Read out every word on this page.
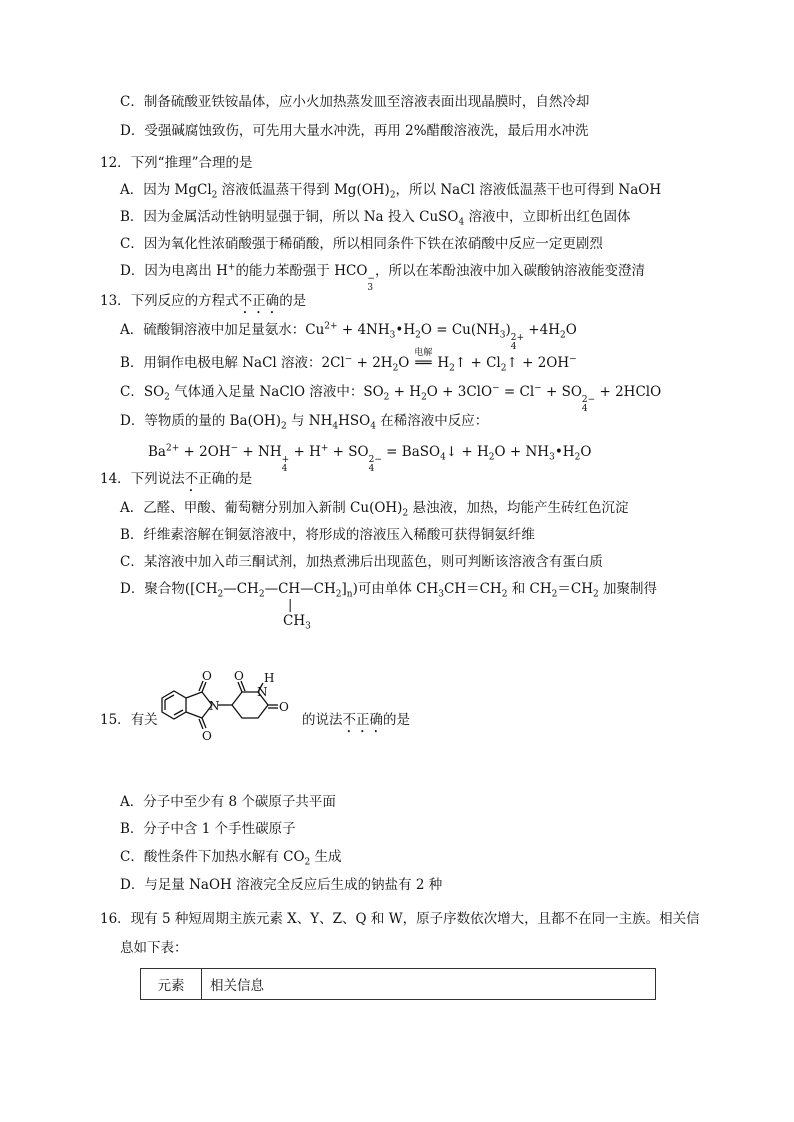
C．制备硫酸亚铁铵晶体，应小火加热蒸发皿至溶液表面出现晶膜时，自然冷却
D．受强碱腐蚀致伤，可先用大量水冲洗，再用 2%醋酸溶液洗，最后用水冲洗
12．下列“推理”合理的是
A．因为 MgCl$_2$ 溶液低温蒸干得到 $Mg(OH)_2$，所以 NaCl 溶液低温蒸干也可得到 NaOH
B．因为金属活动性钠明显强于铜，所以 Na 投入 CuSO$_4$ 溶液中，立即析出红色固体
C．因为氧化性浓硝酸强于稀硝酸，所以相同条件下铁在浓硝酸中反应一定更剧烈
D．因为电离出 H+的能力苯酚强于 HCO −
3
，所以在苯酚浊液中加入碳酸钠溶液能变澄清
13．下列反应的方程式不正确的是
A．硫酸铜溶液中加足量氨水：$Cu^{2+}$ + $4NH_3•H_2O = Cu(NH_3)$ 2+
4
$+4H_2O$
B．用铜作电极电解 NaCl 溶液：$2Cl^- + 2H_2O$
电解
══ $H_2↑$ + $Cl_2↑ + 2OH^-$
C．$SO_2$ 气体通入足量 NaClO 溶液中：$SO_2 + H_2O + 3ClO^- = Cl^-$ + SO 2−
4
+ 2HClO
D．等物质的量的 $Ba(OH)_2$ 与 $NH_4HSO_4$ 在稀溶液中反应：
$Ba^{2+} + 2OH^-$ + NH +
4
+ H+ + SO 2−
4
= BaSO$_4$↓ + $H_2O$ + $NH_3•H_2O$
14．下列说法不正确的是
A．乙醛、甲酸、葡萄糖分别加入新制 $Cu(OH)_2$ 悬浊液，加热，均能产生砖红色沉淀
B．纤维素溶解在铜氨溶液中，将形成的溶液压入稀酸可获得铜氨纤维
C．某溶液中加入茚三酮试剂，加热煮沸后出现蓝色，则可判断该溶液含有蛋白质
D．聚合物$([CH_2—CH_2—CH—CH_2]_n)$可由单体 $CH_3CH=CH_2$ 和 $CH_2=CH_2$ 加聚制得
|
$CH_3$
15．有关
O
O
N
O
N
H
O
的说法不正确的是
A．分子中至少有 8 个碳原子共平面
B．分子中含 1 个手性碳原子
C．酸性条件下加热水解有 $CO_2$ 生成
D．与足量 NaOH 溶液完全反应后生成的钠盐有 2 种
16．现有 5 种短周期主族元素 X、Y、Z、Q 和 W，原子序数依次增大，且都不在同一主族。相关信
息如下表：
元素	相关信息
